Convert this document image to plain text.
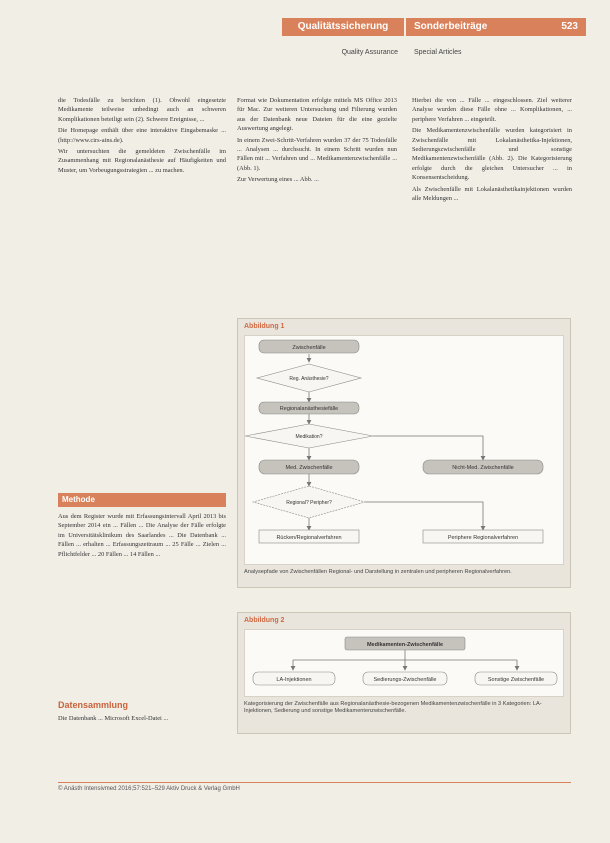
Qualitätssicherung	Sonderbeiträge	523
Quality Assurance	Special Articles

die Todesfälle zu berichten (1). Obwohl eingesetzte Medikamente teilweise unbedingt auch an schweren Komplikationen beteiligt sein (2). Schwere Ereignisse, ...

Die Homepage enthält über eine interaktive Eingabemaske ... (http://www.cirs-ains.de).

Wir untersuchten die gemeldeten Zwischenfälle im Zusammenhang mit Regionalanästhesie auf Häufigkeiten und Muster, um Vorbeugungsstrategien ... zu machen.

Methode

Aus dem Register wurde mit Erfassungsintervall April 2013 bis September 2014 ein ... Fällen ... Die Analyse der Fälle erfolgte im Universitätsklinikum des Saarlandes ... Die Datenbank ... Fällen ... erhalten ... Erfassungszeitraum ... 25 Fälle ... Zielen ... Pflichtfelder ... 20 Fällen ... 14 Fällen ...

Datensammlung

Die Datenbank ... Microsoft Excel-Datei ...

Format wie Dokumentation erfolgte mittels MS Office 2013 für Mac. Zur weiteren Untersuchung und Filterung wurden aus der Datenbank neue Dateien für die eine gezielte Auswertung angelegt.

In einem Zwei-Schritt-Verfahren wurden 37 der 75 Todesfälle ... Analysen ... durchsucht. In einem Schritt wurden nun Fällen mit ... Verfahren und ... Medikamentenzwischenfälle ... (Abb. 1).

Zur Verwertung eines ... Abb. ...

Hierbei die von ... Fälle ... eingeschlossen. Ziel weiterer Analyse wurden diese Fälle ohne ... Komplikationen, ... periphere Verfahren ... eingeteilt.

Die Medikamentenzwischenfälle wurden kategorisiert in Zwischenfälle mit Lokalanästhetika-Injektionen, Sedierungszwischenfälle und sonstige Medikamentenzwischenfälle (Abb. 2). Die Kategorisierung erfolgte durch die gleichen Untersucher ... in Konsensentscheidung.

Als Zwischenfälle mit Lokalanästhetikainjektionen wurden alle Meldungen ...

Abbildung 1
Zwischenfälle
Reg. Anästhesie?
Regionalanästhesiefälle
Medikation?
Med. Zwischenfälle	Nicht-Med. Zwischenfälle
Regional? Peripher?
Rücken/Regionalverfahren	Periphere Regionalverfahren
Analysepfade von Zwischenfällen Regional- und Darstellung in zentralen und peripheren Regionalverfahren.
Abbildung 2
Medikamenten-Zwischenfälle
LA-Injektionen	Sedierungs-Zwischenfälle	Sonstige Zwischenfälle
Kategorisierung der Zwischenfälle aus Regionalanästhesie-bezogenen Medikamentenzwischenfälle in 3 Kategorien: LA-Injektionen, Sedierung und sonstige Medikamentenzwischenfälle.
© Anästh Intensivmed 2016;57:521–529 Aktiv Druck & Verlag GmbH
